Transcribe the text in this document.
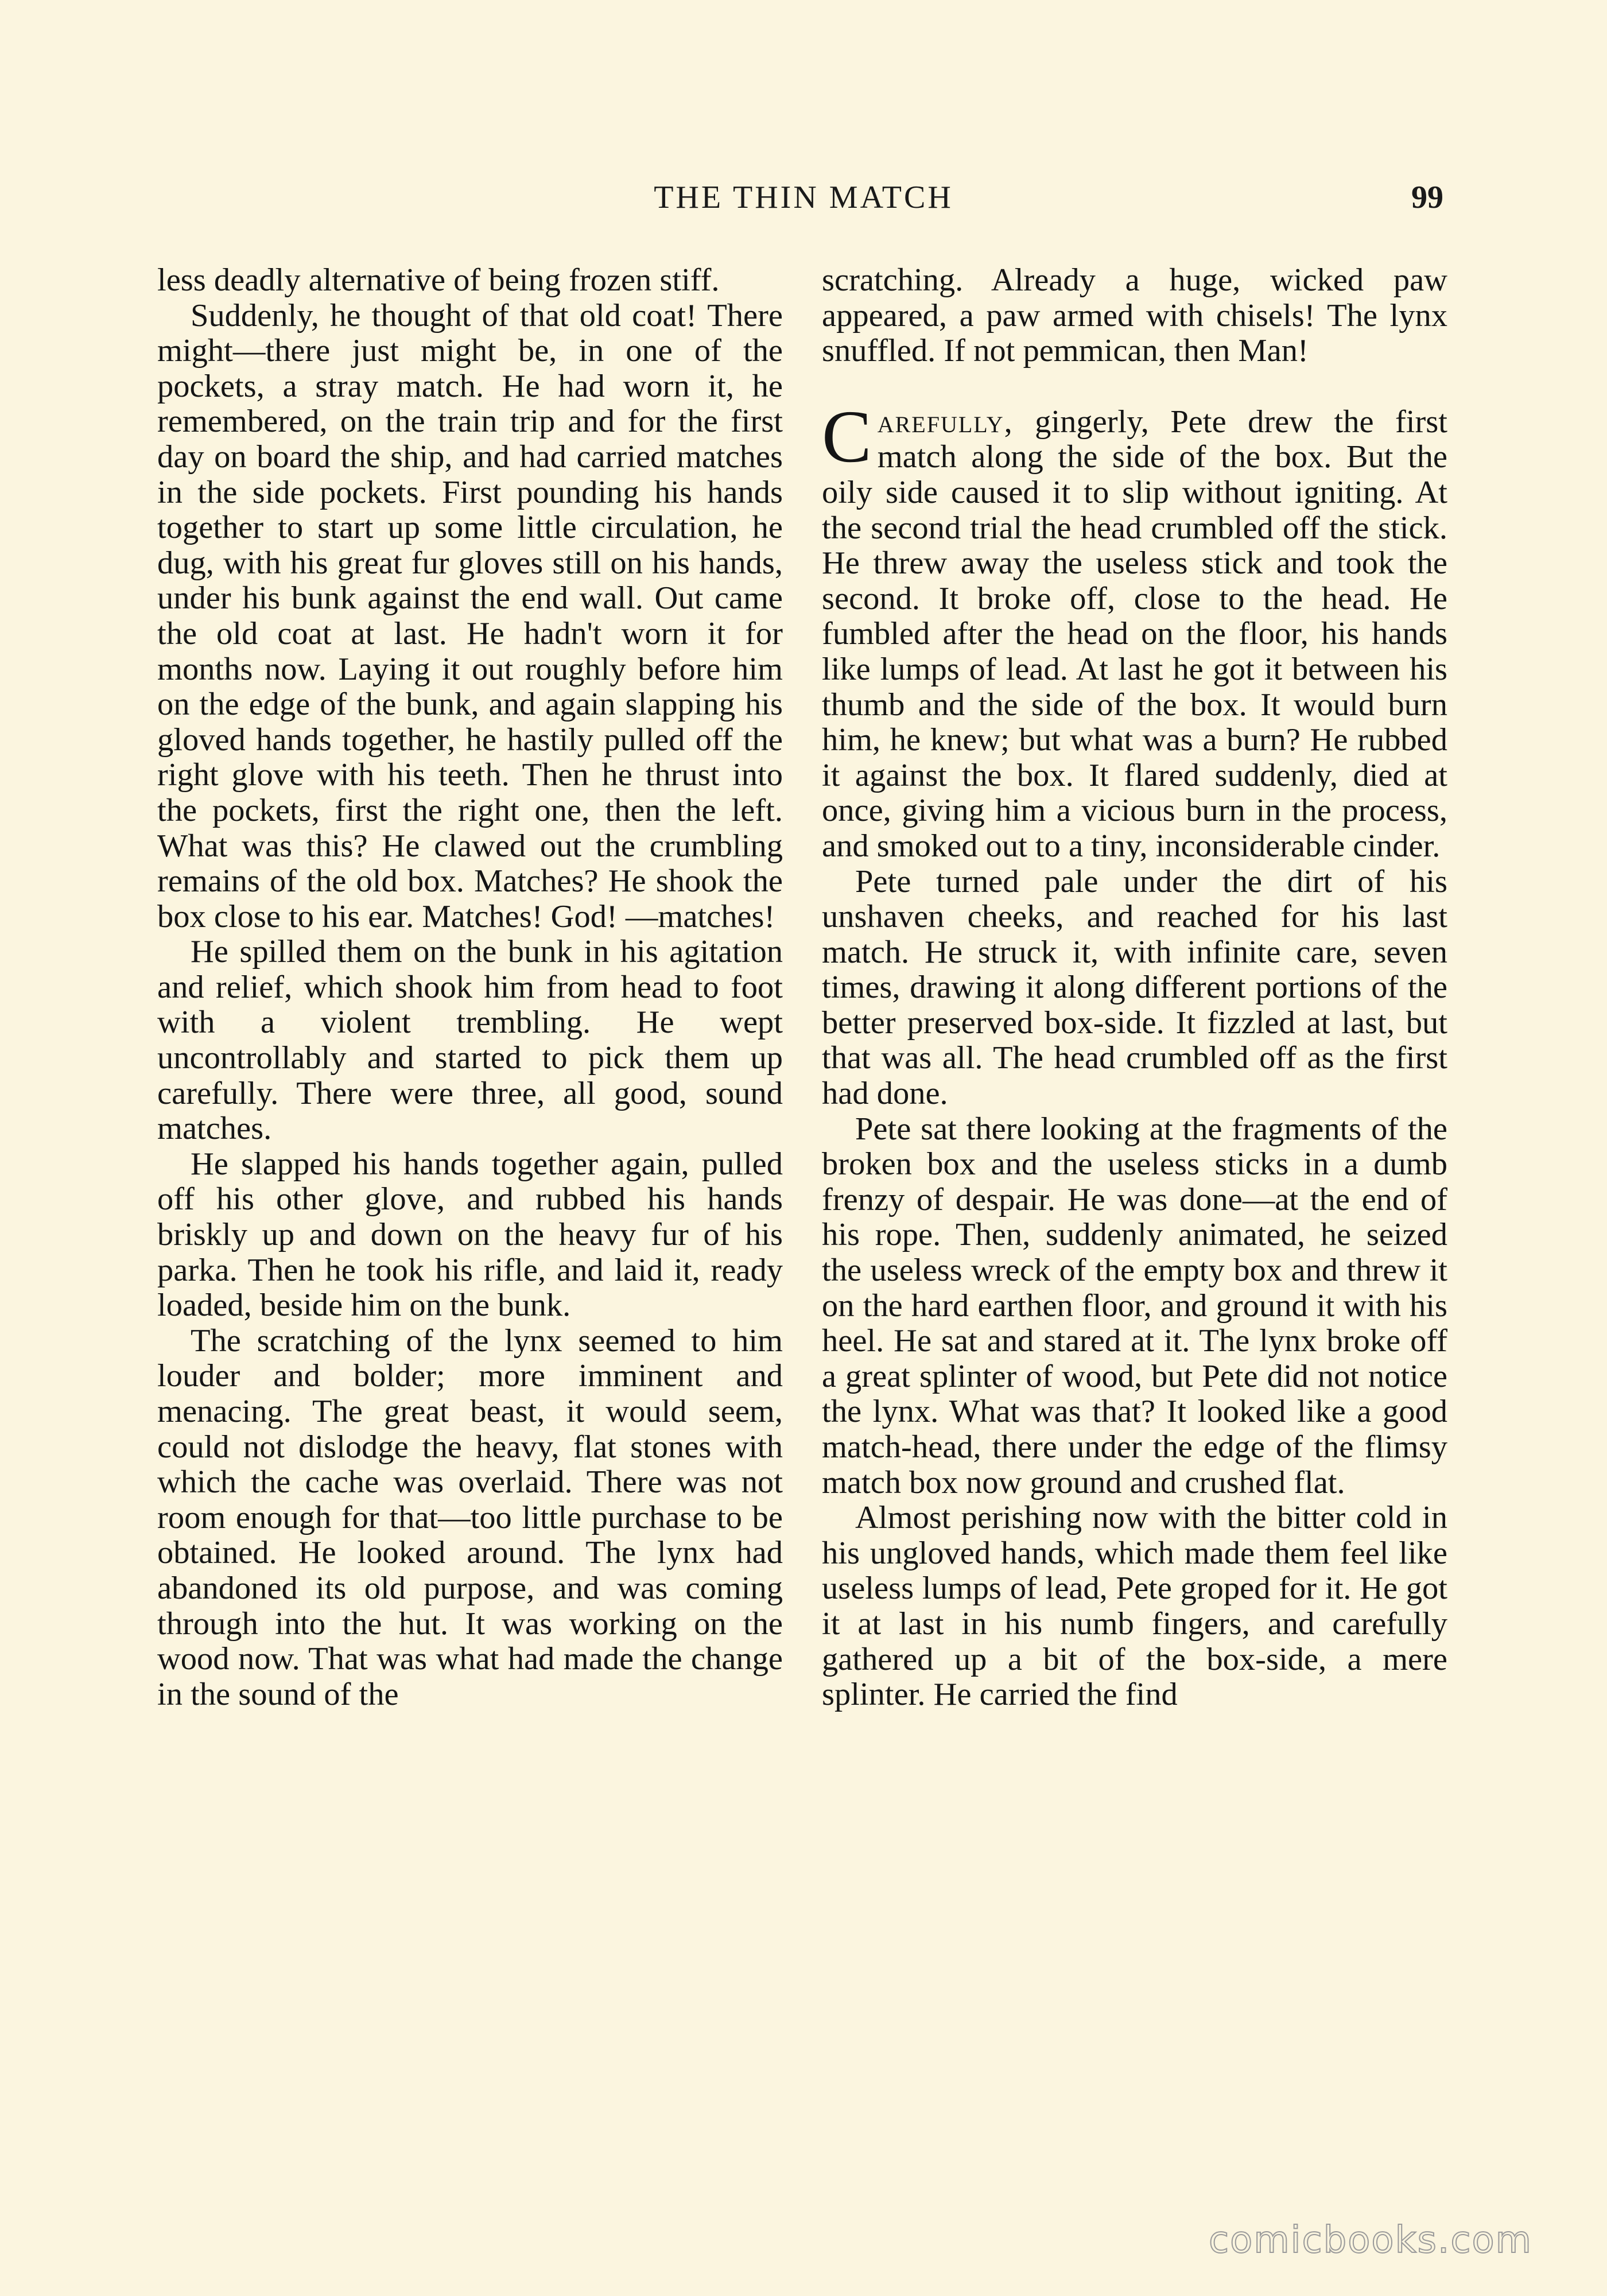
THE THIN MATCH	99

less deadly alternative of being frozen stiff.

Suddenly, he thought of that old coat! There might—there just might be, in one of the pockets, a stray match. He had worn it, he remembered, on the train trip and for the first day on board the ship, and had carried matches in the side pockets. First pounding his hands together to start up some little circulation, he dug, with his great fur gloves still on his hands, under his bunk against the end wall. Out came the old coat at last. He hadn't worn it for months now. Laying it out roughly before him on the edge of the bunk, and again slapping his gloved hands together, he hastily pulled off the right glove with his teeth. Then he thrust into the pockets, first the right one, then the left. What was this? He clawed out the crumbling remains of the old box. Matches? He shook the box close to his ear. Matches! God! —matches!

He spilled them on the bunk in his agitation and relief, which shook him from head to foot with a violent trembling. He wept uncontrollably and started to pick them up carefully. There were three, all good, sound matches.

He slapped his hands together again, pulled off his other glove, and rubbed his hands briskly up and down on the heavy fur of his parka. Then he took his rifle, and laid it, ready loaded, beside him on the bunk.

The scratching of the lynx seemed to him louder and bolder; more imminent and menacing. The great beast, it would seem, could not dislodge the heavy, flat stones with which the cache was overlaid. There was not room enough for that—too little purchase to be obtained. He looked around. The lynx had abandoned its old purpose, and was coming through into the hut. It was working on the wood now. That was what had made the change in the sound of the

scratching. Already a huge, wicked paw appeared, a paw armed with chisels! The lynx snuffled. If not pemmican, then Man!

Carefully, gingerly, Pete drew the first match along the side of the box. But the oily side caused it to slip without igniting. At the second trial the head crumbled off the stick. He threw away the useless stick and took the second. It broke off, close to the head. He fumbled after the head on the floor, his hands like lumps of lead. At last he got it between his thumb and the side of the box. It would burn him, he knew; but what was a burn? He rubbed it against the box. It flared suddenly, died at once, giving him a vicious burn in the process, and smoked out to a tiny, inconsiderable cinder.

Pete turned pale under the dirt of his unshaven cheeks, and reached for his last match. He struck it, with infinite care, seven times, drawing it along different portions of the better preserved box-side. It fizzled at last, but that was all. The head crumbled off as the first had done.

Pete sat there looking at the fragments of the broken box and the useless sticks in a dumb frenzy of despair. He was done—at the end of his rope. Then, suddenly animated, he seized the useless wreck of the empty box and threw it on the hard earthen floor, and ground it with his heel. He sat and stared at it. The lynx broke off a great splinter of wood, but Pete did not notice the lynx. What was that? It looked like a good match-head, there under the edge of the flimsy match box now ground and crushed flat.

Almost perishing now with the bitter cold in his ungloved hands, which made them feel like useless lumps of lead, Pete groped for it. He got it at last in his numb fingers, and carefully gathered up a bit of the box-side, a mere splinter. He carried the find

comicbooks.com
